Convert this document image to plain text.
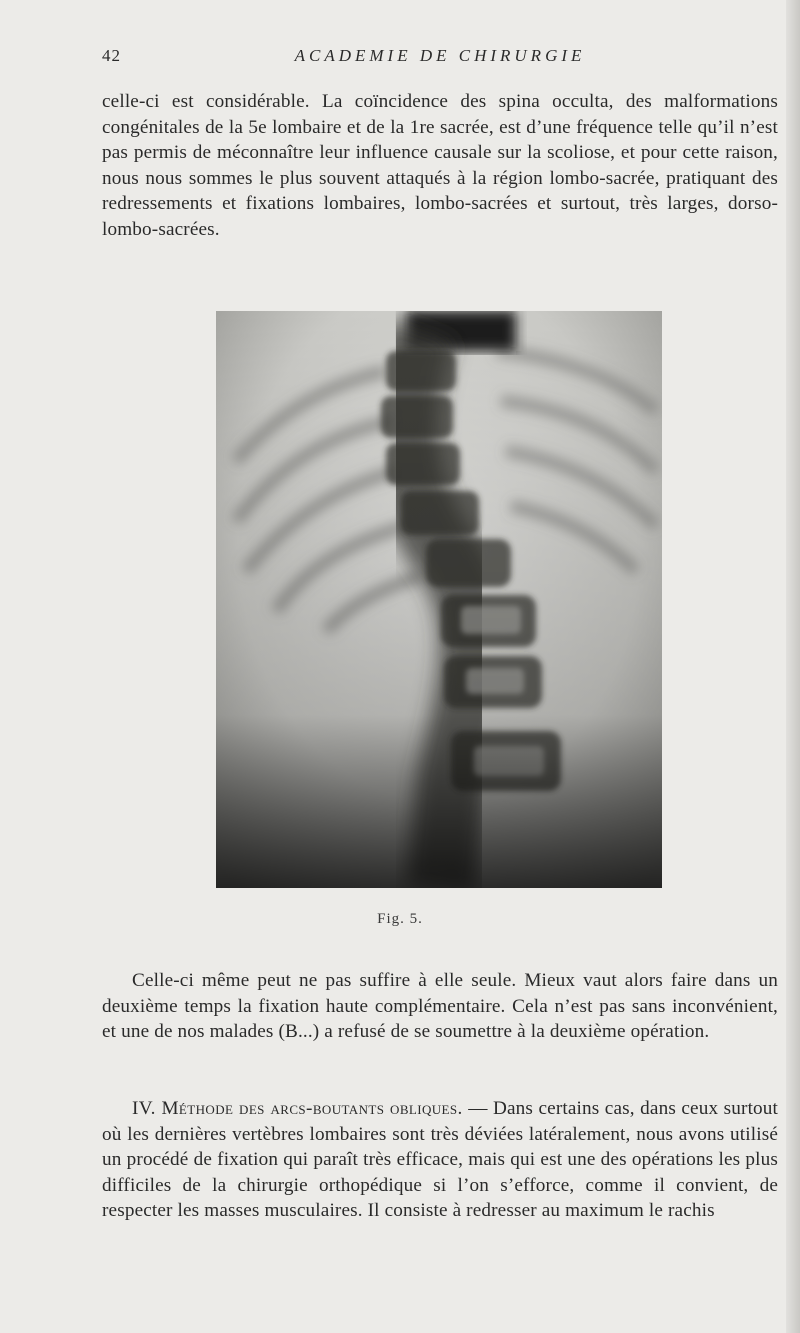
42	ACADEMIE DE CHIRURGIE

celle-ci est considérable. La coïncidence des spina occulta, des malformations congénitales de la 5e lombaire et de la 1re sacrée, est d’une fréquence telle qu’il n’est pas permis de méconnaître leur influence causale sur la scoliose, et pour cette raison, nous nous sommes le plus souvent attaqués à la région lombo-sacrée, pratiquant des redressements et fixations lombaires, lombo-sacrées et surtout, très larges, dorso-lombo-sacrées.

Fig. 5.

Celle-ci même peut ne pas suffire à elle seule. Mieux vaut alors faire dans un deuxième temps la fixation haute complémentaire. Cela n’est pas sans inconvénient, et une de nos malades (B...) a refusé de se soumettre à la deuxième opération.

IV. Méthode des arcs-boutants obliques. — Dans certains cas, dans ceux surtout où les dernières vertèbres lombaires sont très déviées latéralement, nous avons utilisé un procédé de fixation qui paraît très efficace, mais qui est une des opérations les plus difficiles de la chirurgie orthopédique si l’on s’efforce, comme il convient, de respecter les masses musculaires. Il consiste à redresser au maximum le rachis
